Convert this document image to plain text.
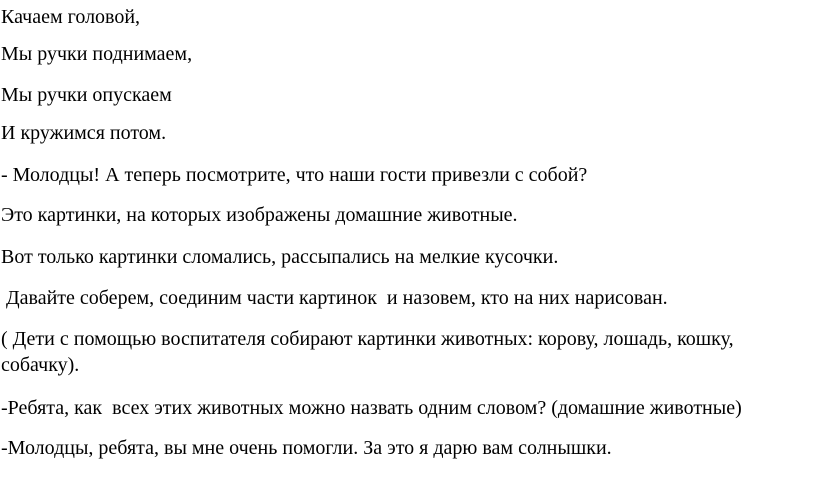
Качаем головой,

Мы ручки поднимаем,

Мы ручки опускаем

И кружимся потом.

- Молодцы! А теперь посмотрите, что наши гости привезли с собой?

Это картинки, на которых изображены домашние животные.

Вот только картинки сломались, рассыпались на мелкие кусочки.

Давайте соберем, соединим части картинок  и назовем, кто на них нарисован.

( Дети с помощью воспитателя собирают картинки животных: корову, лошадь, кошку, собачку).

-Ребята, как  всех этих животных можно назвать одним словом? (домашние животные)

-Молодцы, ребята, вы мне очень помогли. За это я дарю вам солнышки.
